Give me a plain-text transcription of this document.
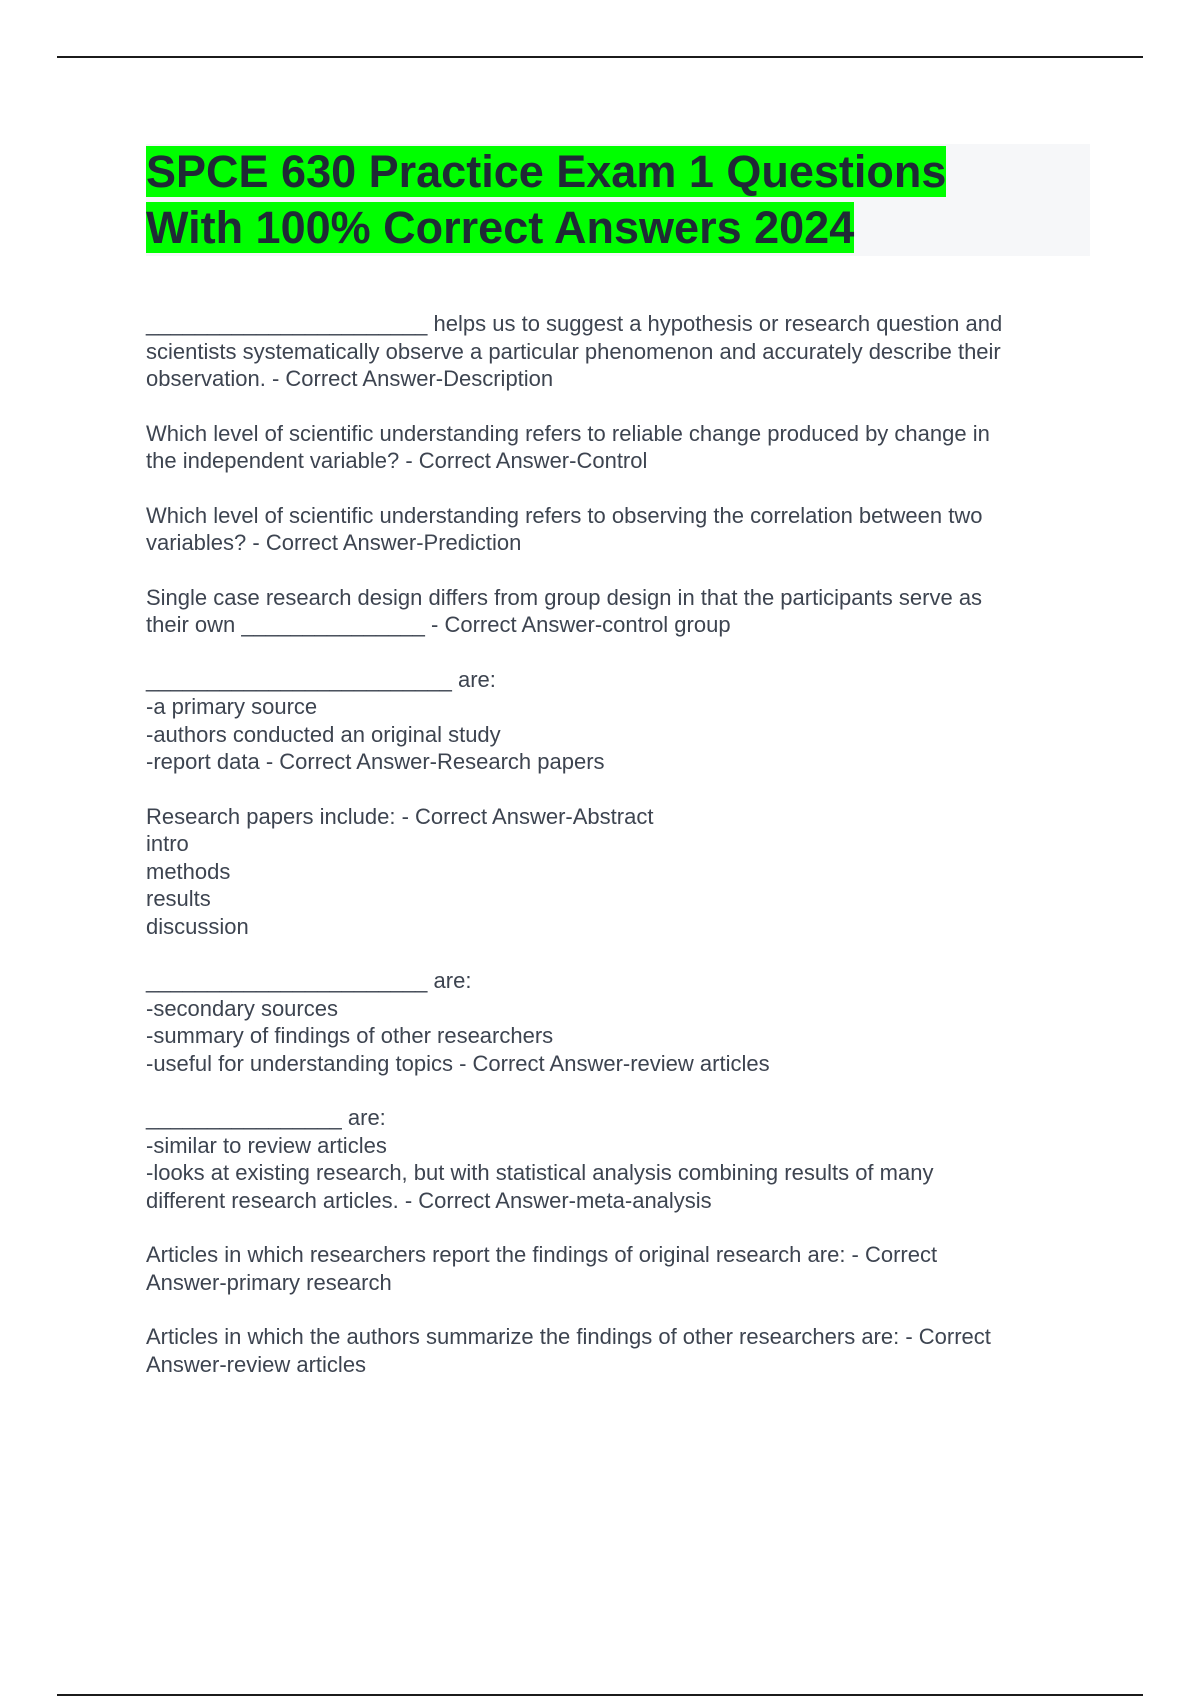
SPCE 630 Practice Exam 1 Questions
With 100% Correct Answers 2024
_______________________ helps us to suggest a hypothesis or research question and
scientists systematically observe a particular phenomenon and accurately describe their
observation. - Correct Answer-Description
Which level of scientific understanding refers to reliable change produced by change in
the independent variable? - Correct Answer-Control
Which level of scientific understanding refers to observing the correlation between two
variables? - Correct Answer-Prediction
Single case research design differs from group design in that the participants serve as
their own _______________ - Correct Answer-control group
_________________________ are:
-a primary source
-authors conducted an original study
-report data - Correct Answer-Research papers
Research papers include: - Correct Answer-Abstract
intro
methods
results
discussion
_______________________ are:
-secondary sources
-summary of findings of other researchers
-useful for understanding topics - Correct Answer-review articles
________________ are:
-similar to review articles
-looks at existing research, but with statistical analysis combining results of many
different research articles. - Correct Answer-meta-analysis
Articles in which researchers report the findings of original research are: - Correct
Answer-primary research
Articles in which the authors summarize the findings of other researchers are: - Correct
Answer-review articles
